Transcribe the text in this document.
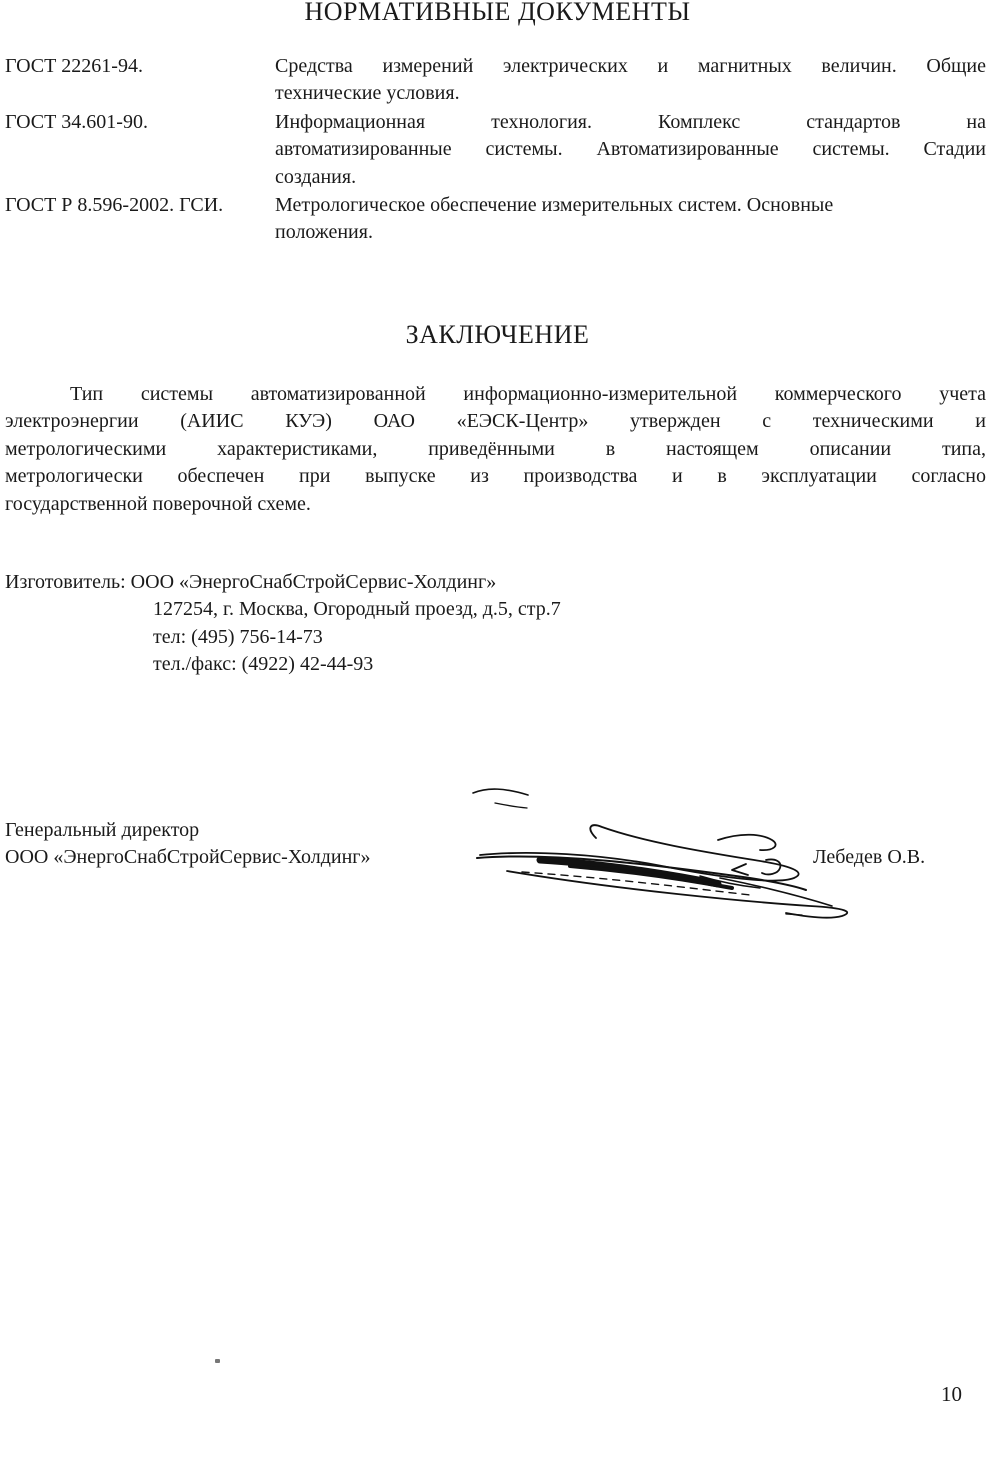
НОРМАТИВНЫЕ ДОКУМЕНТЫ
ГОСТ 22261-94.	Средства измерений электрических и магнитных величин. Общие
технические условия.
ГОСТ 34.601-90.	Информационная технология. Комплекс стандартов на
автоматизированные системы. Автоматизированные системы. Стадии
создания.
ГОСТ Р 8.596-2002. ГСИ.	Метрологическое обеспечение измерительных систем. Основные
положения.
ЗАКЛЮЧЕНИЕ
Тип системы автоматизированной информационно-измерительной коммерческого учета
электроэнергии (АИИС КУЭ) ОАО «ЕЭСК-Центр» утвержден с техническими и
метрологическими характеристиками, приведёнными в настоящем описании типа,
метрологически обеспечен при выпуске из производства и в эксплуатации согласно
государственной поверочной схеме.
Изготовитель: ООО «ЭнергоСнабСтройСервис-Холдинг»
127254, г. Москва, Огородный проезд, д.5, стр.7
тел: (495) 756-14-73
тел./факс: (4922) 42-44-93
Генеральный директор
ООО «ЭнергоСнабСтройСервис-Холдинг»	Лебедев О.В.
10
